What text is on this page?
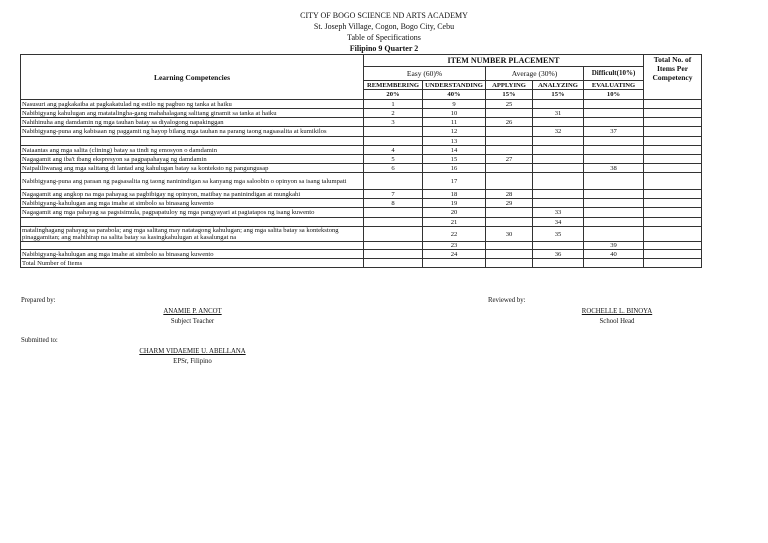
CITY OF BOGO SCIENCE ND ARTS ACADEMY
St. Joseph Village, Cogon, Bogo City, Cebu
Table of Specifications
Filipino 9 Quarter 2
Learning Competencies	ITEM NUMBER PLACEMENT					Total No. of Items Per Competency
	Easy (60)%		Average (30%)		Difficult(10%)	
	REMEMBERING	UNDERSTANDING	APPLYING	ANALYZING	EVALUATING	
	20%	40%	15%	15%	10%	
Nasusuri ang pagkakaiba at pagkakatulad ng estilo ng pagbuo ng tanka at haiku	1	9	25			
Nabibigyang kahulugan ang matatalingha-gang mahahalagang salitang ginamit sa tanka at haiku	2	10		31		
Nahihinuha ang damdamin ng mga tauhan batay sa diyalogong napakinggan	3	11	26			
Nabibigyang-puna ang kabisaan ng paggamit ng hayop bilang mga tauhan na parang taong nagsasalita at kumikilos		12		32	37	
		13				
Naiaantas ang mga salita (clining) batay sa tindi ng emosyon o damdamin	4	14				
Nagagamit ang iba't ibang ekspresyon sa pagpapahayag ng damdamin	5	15	27			
Naipaliliwanag ang mga salitang di lantad ang kahulugan batay sa konteksto ng pangungusap	6	16			38	
Nabibigyang-puna ang paraan ng pagsasalita ng taong naninindigan sa kanyang mga saloobin o opinyon sa isang talumpati		17				
Nagagamit ang angkop na mga pahayag sa pagbibigay ng opinyon, matibay na paninindigan at mungkahi	7	18	28			
Nabibigyang-kahulugan ang mga imahe at simbolo sa binasang kuwento	8	19	29			
Nagagamit ang mga pahayag sa pagsisimula, pagpapatuloy ng mga pangyayari at pagtatapos ng isang kuwento		20		33		
		21		34		
matalinghagang pahayag sa parabola; ang mga salitang may natatagong kahulugan; ang mga salita batay sa kontekstong pinaggamitan; ang mahihirap na salita batay sa kasingkahulugan at kasalungat na		22	30	35		
		23			39	
Nabibigyang-kahulugan ang mga imahe at simbolo sa binasang kuwento		24		36	40	
Total Number of Items						
Prepared by:
ANAMIE P. ANCOT
Subject Teacher
Reviewed by:
ROCHELLE L. BINOYA
School Head
Submitted to:
CHARM VIDAEMIE U. ABELLANA
EPSr, Filipino
